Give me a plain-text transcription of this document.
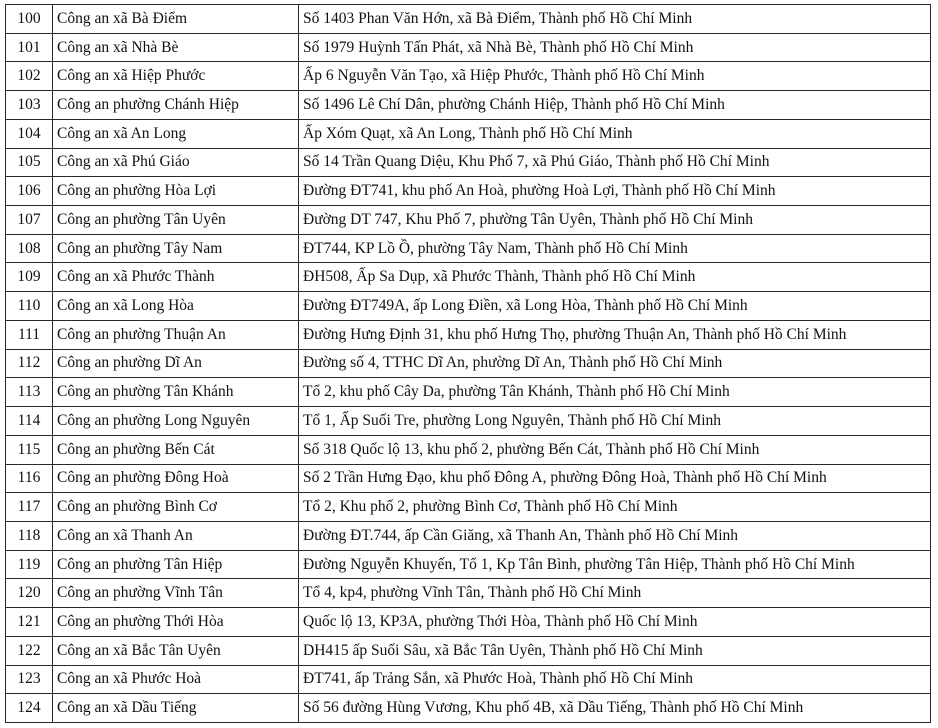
100	Công an xã Bà Điểm	Số 1403 Phan Văn Hớn, xã Bà Điểm, Thành phố Hồ Chí Minh
101	Công an xã Nhà Bè	Số 1979 Huỳnh Tấn Phát, xã Nhà Bè, Thành phố Hồ Chí Minh
102	Công an xã Hiệp Phước	Ấp 6 Nguyễn Văn Tạo, xã Hiệp Phước, Thành phố Hồ Chí Minh
103	Công an phường Chánh Hiệp	Số 1496 Lê Chí Dân, phường Chánh Hiệp, Thành phố Hồ Chí Minh
104	Công an xã An Long	Ấp Xóm Quạt, xã An Long, Thành phố Hồ Chí Minh
105	Công an xã Phú Giáo	Số 14 Trần Quang Diệu, Khu Phố 7, xã Phú Giáo, Thành phố Hồ Chí Minh
106	Công an phường Hòa Lợi	Đường ĐT741, khu phố An Hoà, phường Hoà Lợi, Thành phố Hồ Chí Minh
107	Công an phường Tân Uyên	Đường DT 747, Khu Phố 7, phường Tân Uyên, Thành phố Hồ Chí Minh
108	Công an phường Tây Nam	ĐT744, KP Lồ Ồ, phường Tây Nam, Thành phố Hồ Chí Minh
109	Công an xã Phước Thành	ĐH508, Ấp Sa Dụp, xã Phước Thành, Thành phố Hồ Chí Minh
110	Công an xã Long Hòa	Đường ĐT749A, ấp Long Điền, xã Long Hòa, Thành phố Hồ Chí Minh
111	Công an phường Thuận An	Đường Hưng Định 31, khu phố Hưng Thọ, phường Thuận An, Thành phố Hồ Chí Minh
112	Công an phường Dĩ An	Đường số 4, TTHC Dĩ An, phường Dĩ An, Thành phố Hồ Chí Minh
113	Công an phường Tân Khánh	Tổ 2, khu phố Cây Da, phường Tân Khánh, Thành phố Hồ Chí Minh
114	Công an phường Long Nguyên	Tổ 1, Ấp Suối Tre, phường Long Nguyên, Thành phố Hồ Chí Minh
115	Công an phường Bến Cát	Số 318 Quốc lộ 13, khu phố 2, phường Bến Cát, Thành phố Hồ Chí Minh
116	Công an phường Đông Hoà	Số 2 Trần Hưng Đạo, khu phố Đông A, phường Đông Hoà, Thành phố Hồ Chí Minh
117	Công an phường Bình Cơ	Tổ 2, Khu phố 2, phường Bình Cơ, Thành phố Hồ Chí Minh
118	Công an xã Thanh An	Đường ĐT.744, ấp Cần Giăng, xã Thanh An, Thành phố Hồ Chí Minh
119	Công an phường Tân Hiệp	Đường Nguyễn Khuyến, Tổ 1, Kp Tân Bình, phường Tân Hiệp, Thành phố Hồ Chí Minh
120	Công an phường Vĩnh Tân	Tổ 4, kp4, phường Vĩnh Tân, Thành phố Hồ Chí Minh
121	Công an phường Thới Hòa	Quốc lộ 13, KP3A, phường Thới Hòa, Thành phố Hồ Chí Minh
122	Công an xã Bắc Tân Uyên	DH415 ấp Suối Sâu, xã Bắc Tân Uyên, Thành phố Hồ Chí Minh
123	Công an xã Phước Hoà	ĐT741, ấp Trảng Sắn, xã Phước Hoà, Thành phố Hồ Chí Minh
124	Công an xã Dầu Tiếng	Số 56 đường Hùng Vương, Khu phố 4B, xã Dầu Tiếng, Thành phố Hồ Chí Minh
